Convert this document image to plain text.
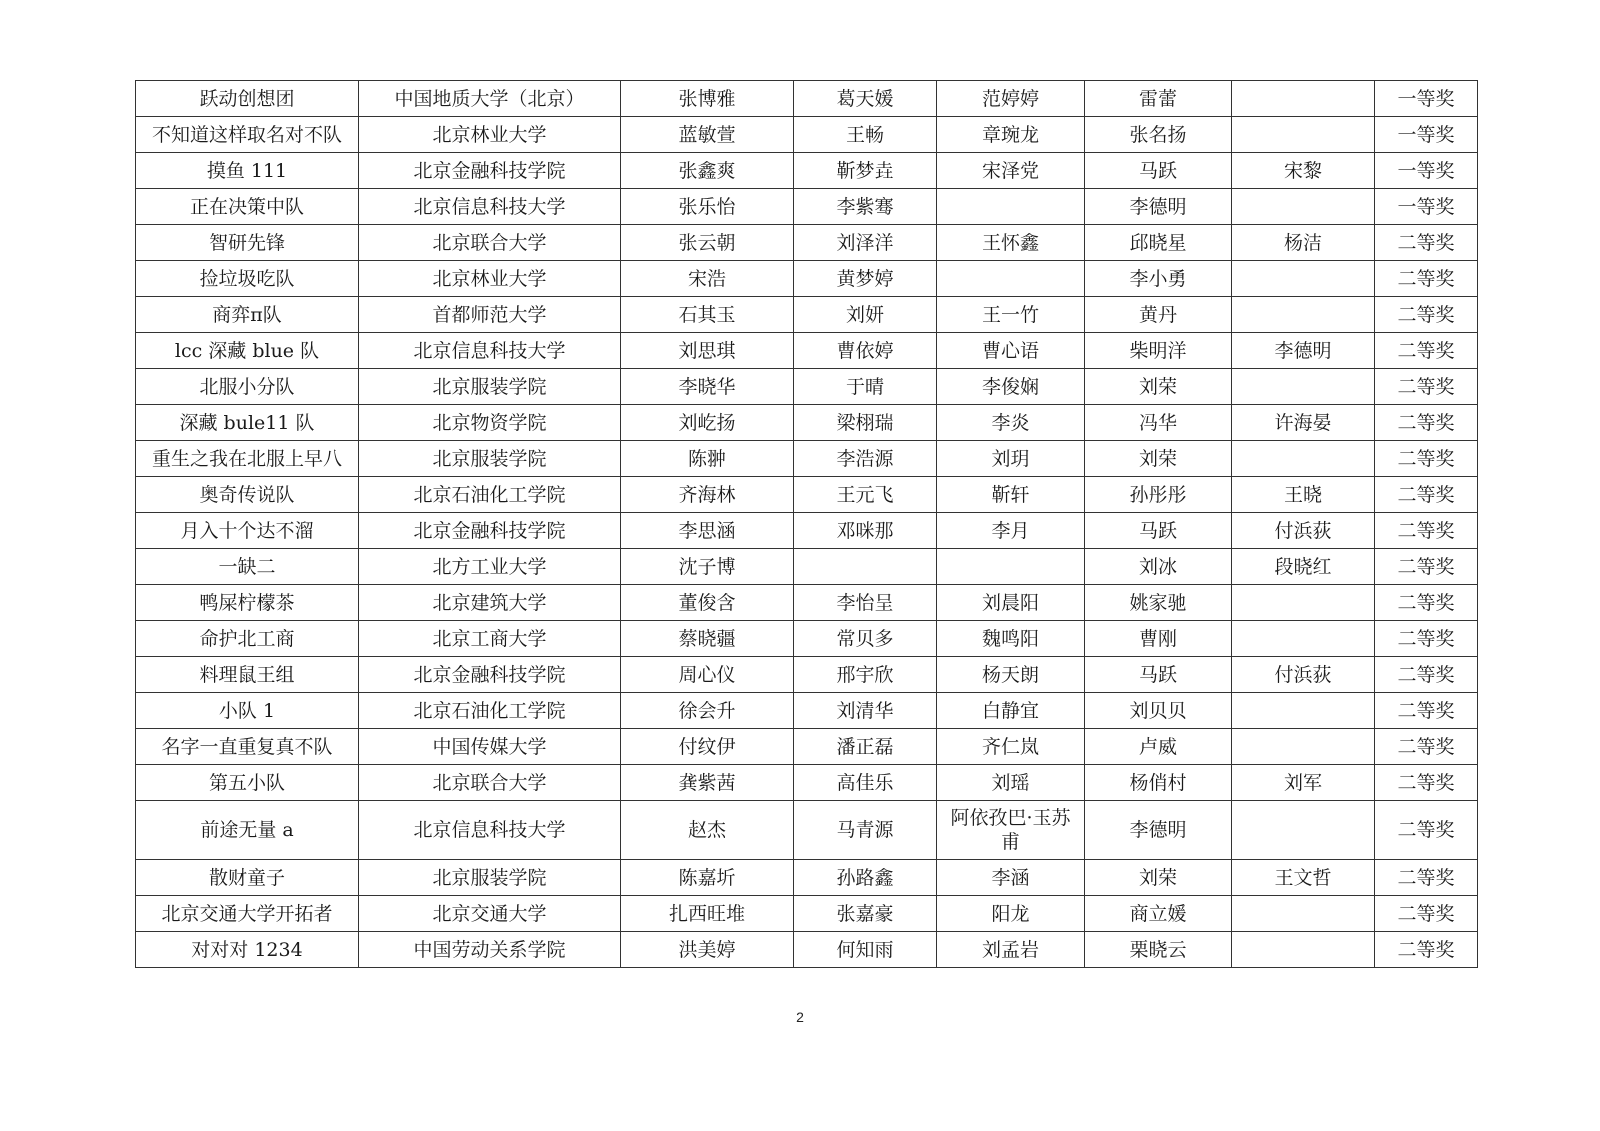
跃动创想团	中国地质大学（北京）	张博雅	葛天媛	范婷婷	雷蕾		一等奖
不知道这样取名对不队	北京林业大学	蓝敏萱	王畅	章琬龙	张名扬		一等奖
摸鱼 111	北京金融科技学院	张鑫爽	靳梦垚	宋泽党	马跃	宋黎	一等奖
正在决策中队	北京信息科技大学	张乐怡	李紫骞		李德明		一等奖
智研先锋	北京联合大学	张云朝	刘泽洋	王怀鑫	邱晓星	杨洁	二等奖
捡垃圾吃队	北京林业大学	宋浩	黄梦婷		李小勇		二等奖
商弈π队	首都师范大学	石其玉	刘妍	王一竹	黄丹		二等奖
lcc 深藏 blue 队	北京信息科技大学	刘思琪	曹依婷	曹心语	柴明洋	李德明	二等奖
北服小分队	北京服装学院	李晓华	于晴	李俊娴	刘荣		二等奖
深藏 bule11 队	北京物资学院	刘屹扬	梁栩瑞	李炎	冯华	许海晏	二等奖
重生之我在北服上早八	北京服装学院	陈翀	李浩源	刘玥	刘荣		二等奖
奥奇传说队	北京石油化工学院	齐海林	王元飞	靳轩	孙彤彤	王晓	二等奖
月入十个达不溜	北京金融科技学院	李思涵	邓咪那	李月	马跃	付浜荻	二等奖
一缺二	北方工业大学	沈子博			刘冰	段晓红	二等奖
鸭屎柠檬茶	北京建筑大学	董俊含	李怡呈	刘晨阳	姚家驰		二等奖
命护北工商	北京工商大学	蔡晓疆	常贝多	魏鸣阳	曹刚		二等奖
料理鼠王组	北京金融科技学院	周心仪	邢宇欣	杨天朗	马跃	付浜荻	二等奖
小队 1	北京石油化工学院	徐会升	刘清华	白静宜	刘贝贝		二等奖
名字一直重复真不队	中国传媒大学	付纹伊	潘正磊	齐仁岚	卢威		二等奖
第五小队	北京联合大学	龚紫茜	高佳乐	刘瑶	杨俏村	刘军	二等奖
前途无量 a	北京信息科技大学	赵杰	马青源	阿依孜巴·玉苏甫	李德明		二等奖
散财童子	北京服装学院	陈嘉圻	孙路鑫	李涵	刘荣	王文哲	二等奖
北京交通大学开拓者	北京交通大学	扎西旺堆	张嘉豪	阳龙	商立媛		二等奖
对对对 1234	中国劳动关系学院	洪美婷	何知雨	刘孟岩	栗晓云		二等奖
2
